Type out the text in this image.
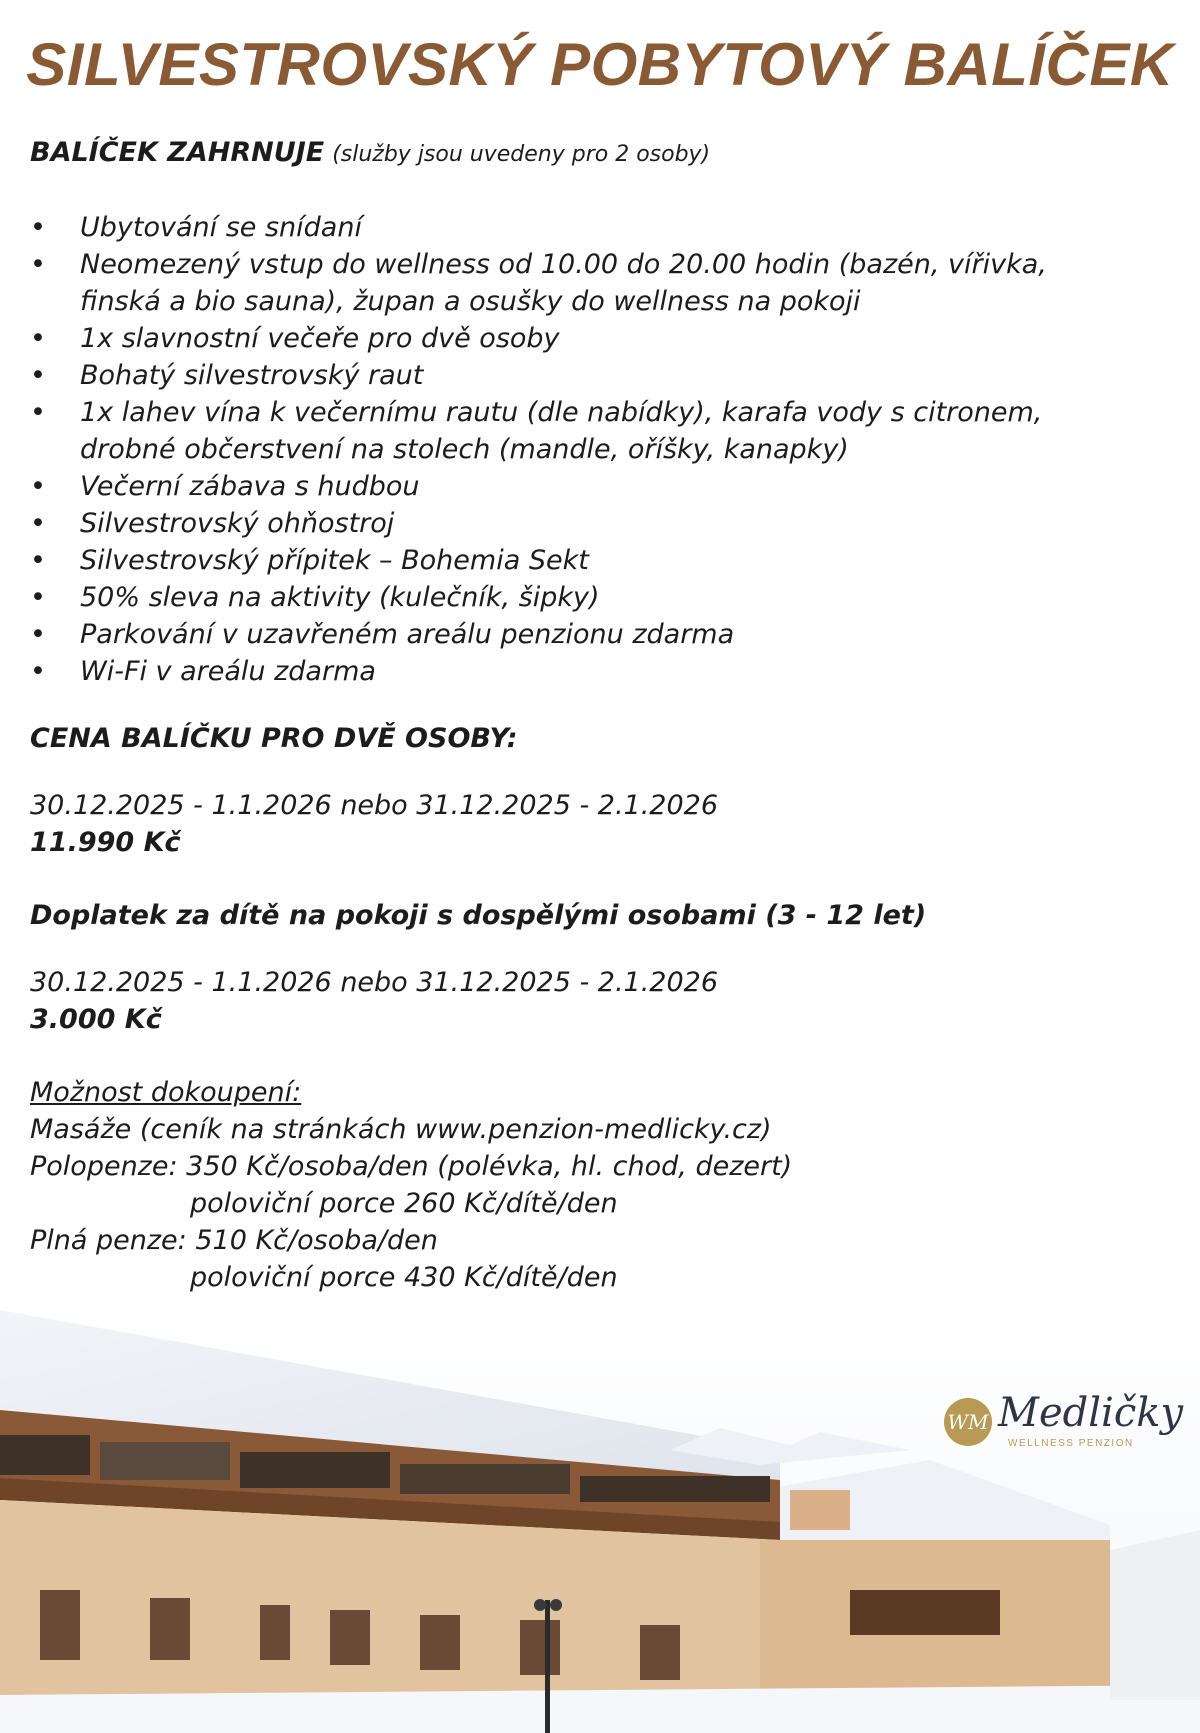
SILVESTROVSKÝ POBYTOVÝ BALÍČEK

BALÍČEK ZAHRNUJE (služby jsou uvedeny pro 2 osoby)

• Ubytování se snídaní
• Neomezený vstup do wellness od 10.00 do 20.00 hodin (bazén, vířivka, finská a bio sauna), župan a osušky do wellness na pokoji
• 1x slavnostní večeře pro dvě osoby
• Bohatý silvestrovský raut
• 1x lahev vína k večernímu rautu (dle nabídky), karafa vody s citronem, drobné občerstvení na stolech (mandle, oříšky, kanapky)
• Večerní zábava s hudbou
• Silvestrovský ohňostroj
• Silvestrovský přípitek – Bohemia Sekt
• 50% sleva na aktivity (kulečník, šipky)
• Parkování v uzavřeném areálu penzionu zdarma
• Wi-Fi v areálu zdarma

CENA BALÍČKU PRO DVĚ OSOBY:

30.12.2025 - 1.1.2026 nebo 31.12.2025 - 2.1.2026

11.990 Kč

Doplatek za dítě na pokoji s dospělými osobami (3 - 12 let)

30.12.2025 - 1.1.2026 nebo 31.12.2025 - 2.1.2026

3.000 Kč

Možnost dokoupení:
Masáže (ceník na stránkách www.penzion-medlicky.cz)
Polopenze: 350 Kč/osoba/den (polévka, hl. chod, dezert)
poloviční porce 260 Kč/dítě/den
Plná penze: 510 Kč/osoba/den
poloviční porce 430 Kč/dítě/den
WM Medličky
WELLNESS PENZION
